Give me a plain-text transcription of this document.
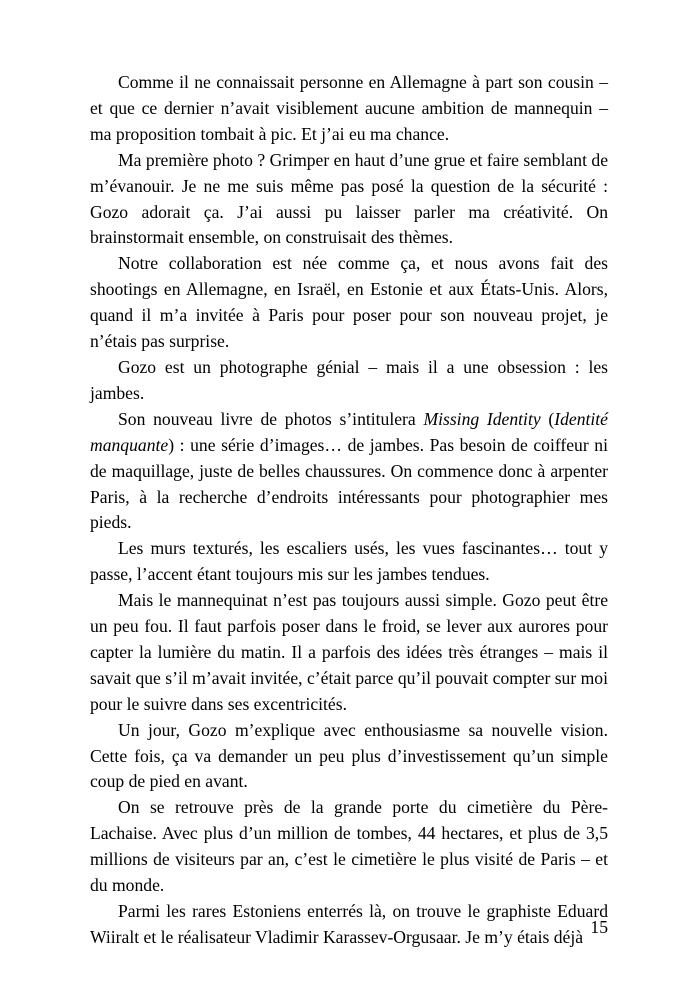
Comme il ne connaissait personne en Allemagne à part son cousin – et que ce dernier n’avait visiblement aucune ambition de mannequin – ma proposition tombait à pic. Et j’ai eu ma chance.

Ma première photo ? Grimper en haut d’une grue et faire semblant de m’évanouir. Je ne me suis même pas posé la question de la sécurité : Gozo adorait ça. J’ai aussi pu laisser parler ma créativité. On brainstormait ensemble, on construisait des thèmes.

Notre collaboration est née comme ça, et nous avons fait des shootings en Allemagne, en Israël, en Estonie et aux États-Unis. Alors, quand il m’a invitée à Paris pour poser pour son nouveau projet, je n’étais pas surprise.

Gozo est un photographe génial – mais il a une obsession : les jambes.

Son nouveau livre de photos s’intitulera Missing Identity (Identité manquante) : une série d’images… de jambes. Pas besoin de coiffeur ni de maquillage, juste de belles chaussures. On commence donc à arpenter Paris, à la recherche d’endroits intéressants pour photographier mes pieds.

Les murs texturés, les escaliers usés, les vues fascinantes… tout y passe, l’accent étant toujours mis sur les jambes tendues.

Mais le mannequinat n’est pas toujours aussi simple. Gozo peut être un peu fou. Il faut parfois poser dans le froid, se lever aux aurores pour capter la lumière du matin. Il a parfois des idées très étranges – mais il savait que s’il m’avait invitée, c’était parce qu’il pouvait compter sur moi pour le suivre dans ses excentricités.

Un jour, Gozo m’explique avec enthousiasme sa nouvelle vision. Cette fois, ça va demander un peu plus d’investissement qu’un simple coup de pied en avant.

On se retrouve près de la grande porte du cimetière du Père-Lachaise. Avec plus d’un million de tombes, 44 hectares, et plus de 3,5 millions de visiteurs par an, c’est le cimetière le plus visité de Paris – et du monde.

Parmi les rares Estoniens enterrés là, on trouve le graphiste Eduard Wiiralt et le réalisateur Vladimir Karassev-Orgusaar. Je m’y étais déjà 15
